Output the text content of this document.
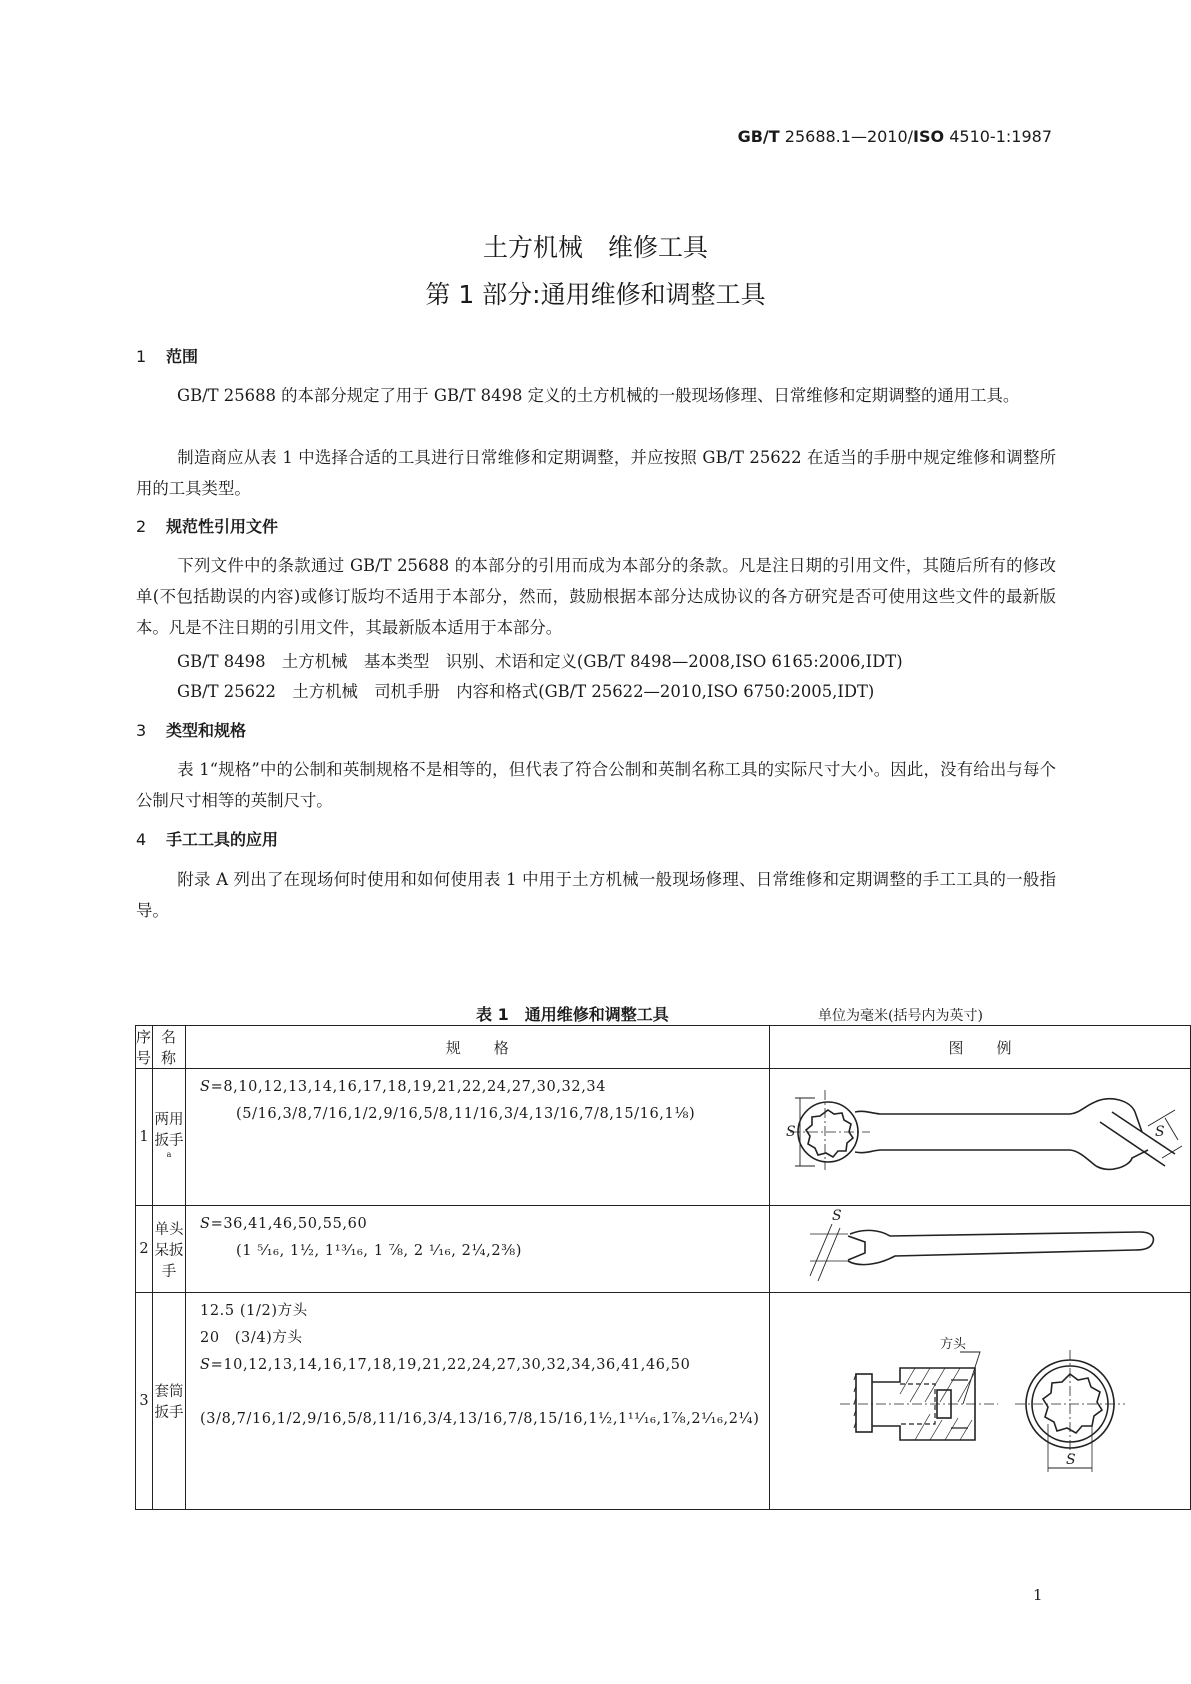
GB/T 25688.1—2010/ISO 4510-1:1987
土方机械　维修工具
第 1 部分:通用维修和调整工具
1 范围
GB/T 25688 的本部分规定了用于 GB/T 8498 定义的土方机械的一般现场修理、日常维修和定期调整的通用工具。
制造商应从表 1 中选择合适的工具进行日常维修和定期调整，并应按照 GB/T 25622 在适当的手册中规定维修和调整所用的工具类型。
2 规范性引用文件
下列文件中的条款通过 GB/T 25688 的本部分的引用而成为本部分的条款。凡是注日期的引用文件，其随后所有的修改单(不包括勘误的内容)或修订版均不适用于本部分，然而，鼓励根据本部分达成协议的各方研究是否可使用这些文件的最新版本。凡是不注日期的引用文件，其最新版本适用于本部分。
GB/T 8498　土方机械　基本类型　识别、术语和定义(GB/T 8498—2008,ISO 6165:2006,IDT)
GB/T 25622　土方机械　司机手册　内容和格式(GB/T 25622—2010,ISO 6750:2005,IDT)
3 类型和规格
表 1“规格”中的公制和英制规格不是相等的，但代表了符合公制和英制名称工具的实际尺寸大小。因此，没有给出与每个公制尺寸相等的英制尺寸。
4 手工工具的应用
附录 A 列出了在现场何时使用和如何使用表 1 中用于土方机械一般现场修理、日常维修和定期调整的手工工具的一般指导。
表 1　通用维修和调整工具	单位为毫米(括号内为英寸)
序号	名　称	规　　格	图　　例
1	两用扳手$^a$	S=8,10,12,13,14,16,17,18,19,21,22,24,27,30,32,34
(5/16,3/8,7/16,1/2,9/16,5/8,11/16,3/4,13/16,7/8,15/16,1⅛)	S S

2	单头呆扳手	S=36,41,46,50,55,60
(1 ⁵⁄₁₆, 1½, 1¹³⁄₁₆, 1 ⅞, 2 ¹⁄₁₆, 2¼,2⅜)	S

3	套筒扳手	12.5 (1/2)方头
20　(3/4)方头
S=10,12,13,14,16,17,18,19,21,22,24,27,30,32,34,36,41,46,50
(3/8,7/16,1/2,9/16,5/8,11/16,3/4,13/16,7/8,15/16,1½,1¹¹⁄₁₆,1⅞,2¹⁄₁₆,2¼)	方头
S
1
